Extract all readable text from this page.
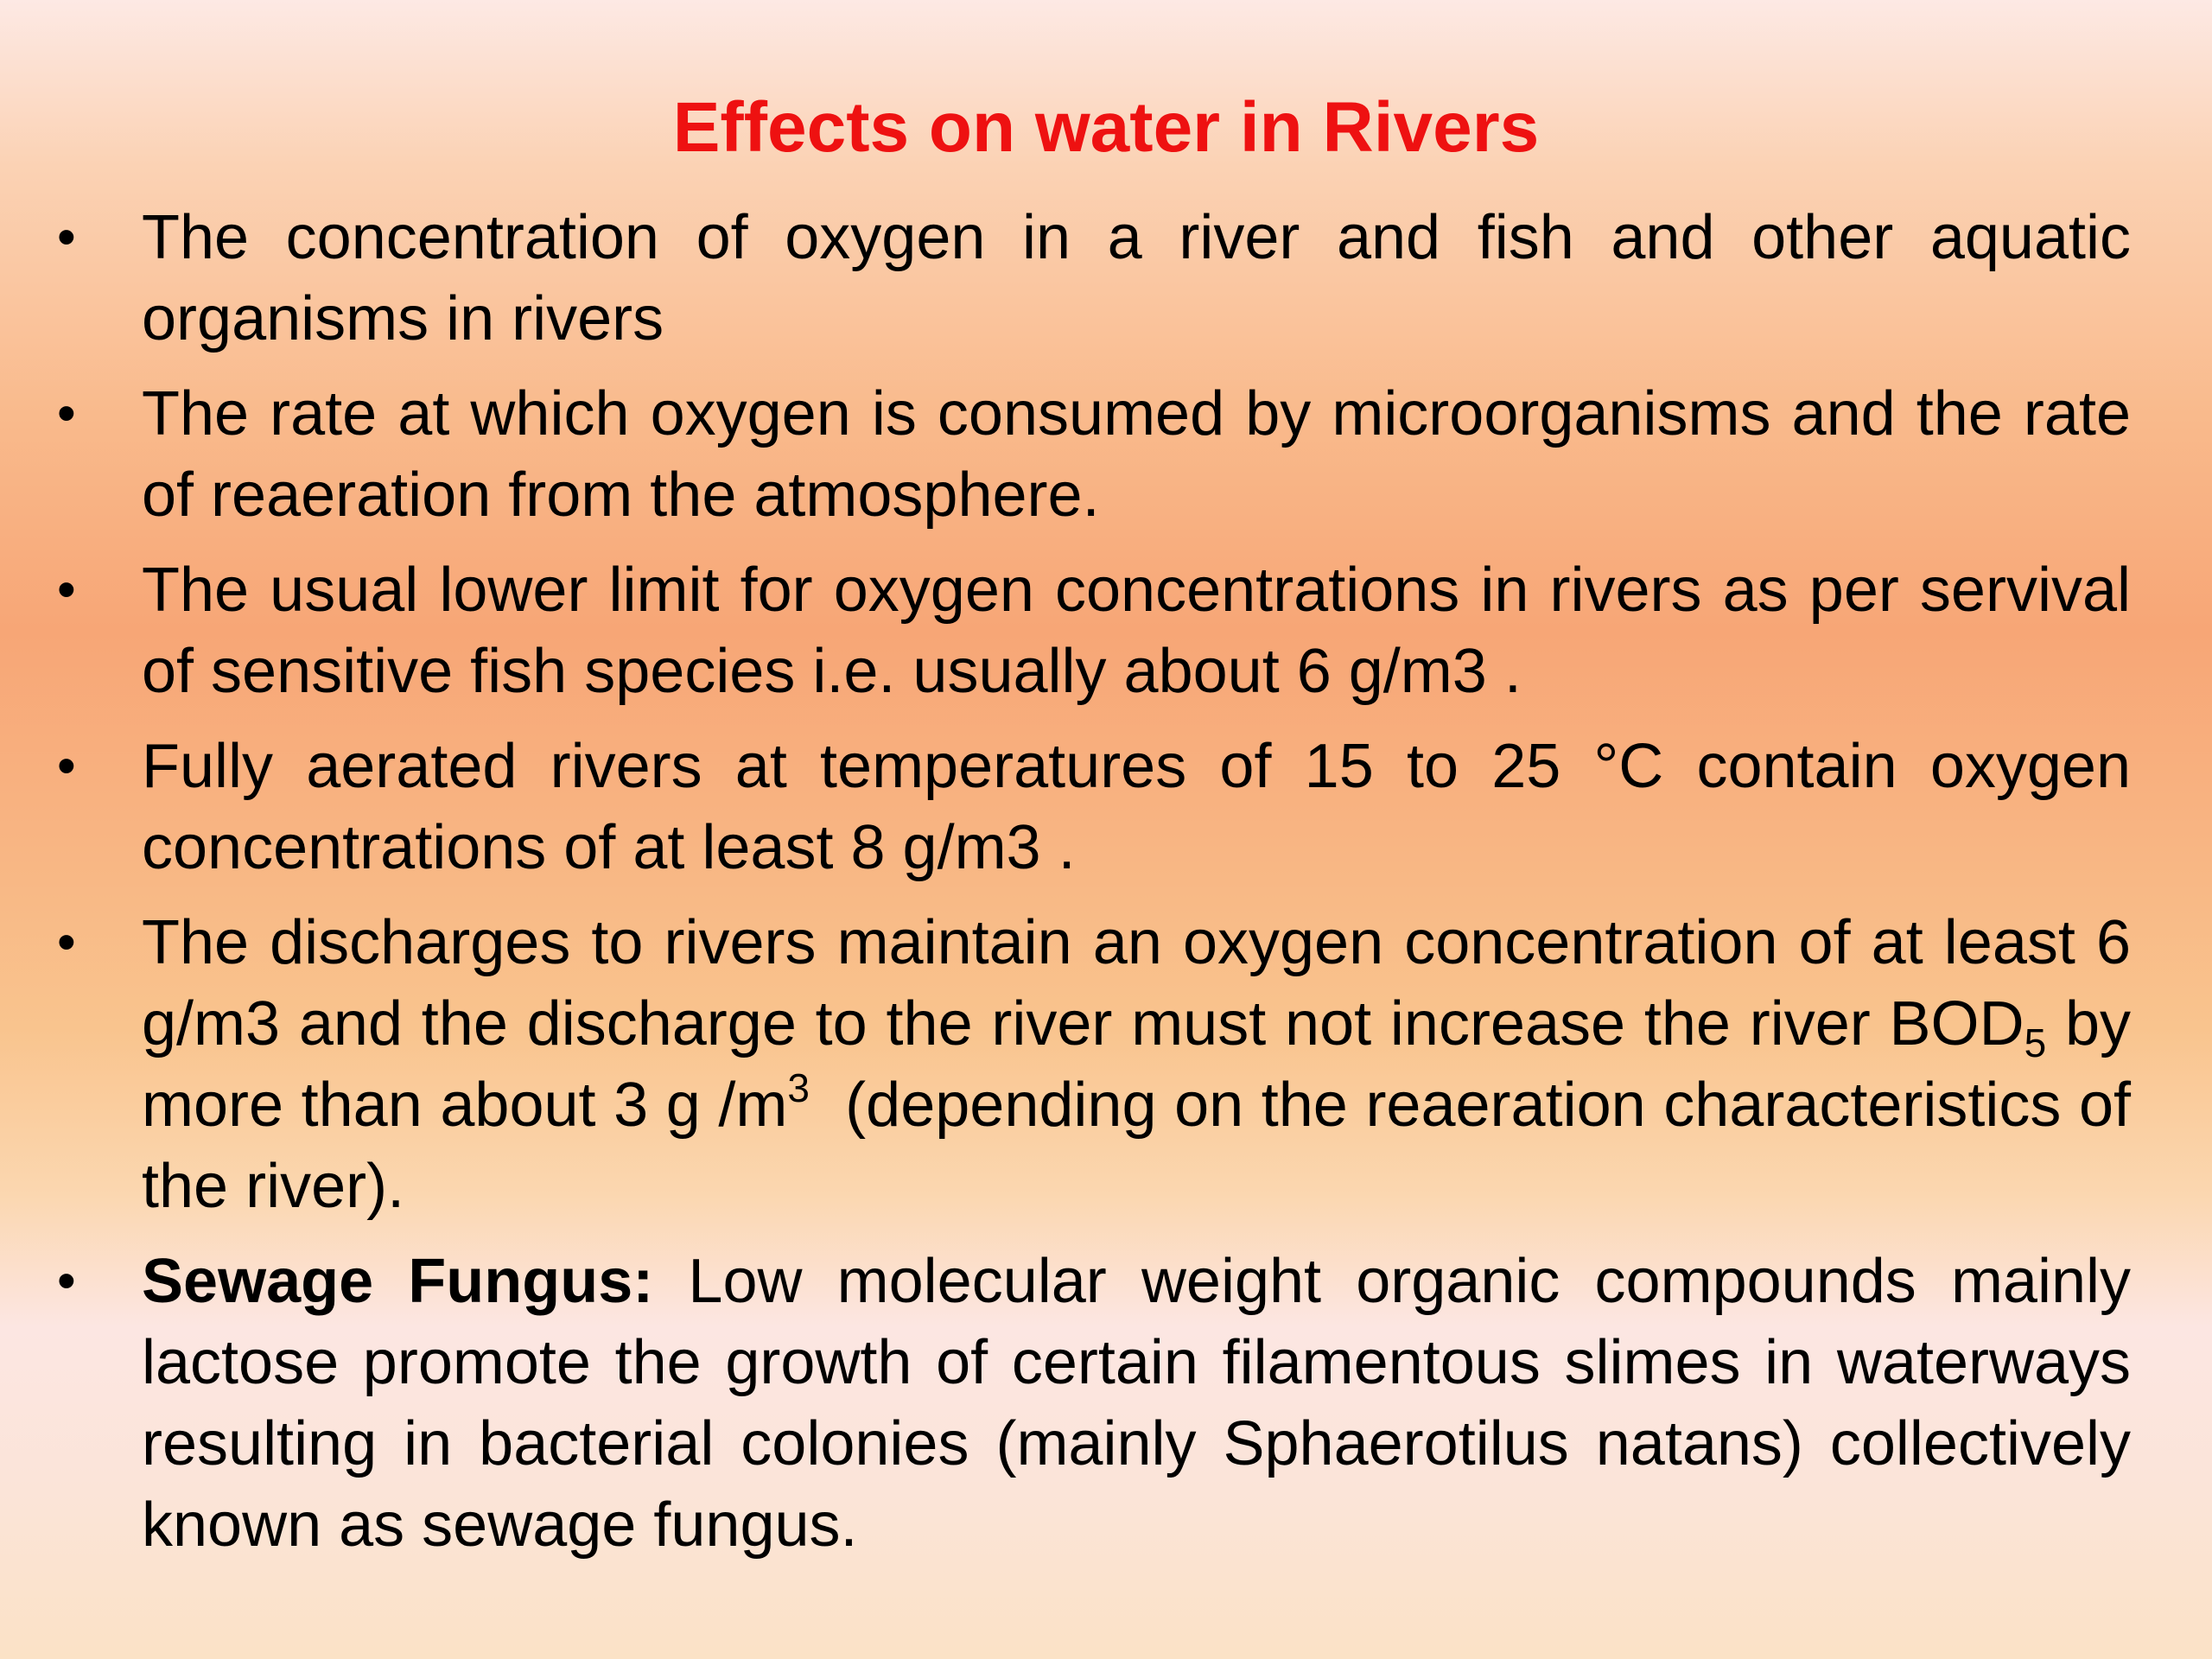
Effects on water in Rivers
• The concentration of oxygen in a river and fish and other aquatic organisms in rivers
• The rate at which oxygen is consumed by microorganisms and the rate of reaeration from the atmosphere.
• The usual lower limit for oxygen concentrations in rivers as per servival of sensitive fish species i.e. usually about 6 g/m3 .
• Fully aerated rivers at temperatures of 15 to 25 °C contain oxygen concentrations of at least 8 g/m3 .
• The discharges to rivers maintain an oxygen concentration of at least 6 g/m3 and the discharge to the river must not increase the river $BOD_5$ by more than about 3 g $/m^3$  (depending on the reaeration characteristics of the river).
• Sewage Fungus: Low molecular weight organic compounds mainly lactose promote the growth of certain filamentous slimes in waterways resulting in bacterial colonies (mainly Sphaerotilus natans) collectively known as sewage fungus.
